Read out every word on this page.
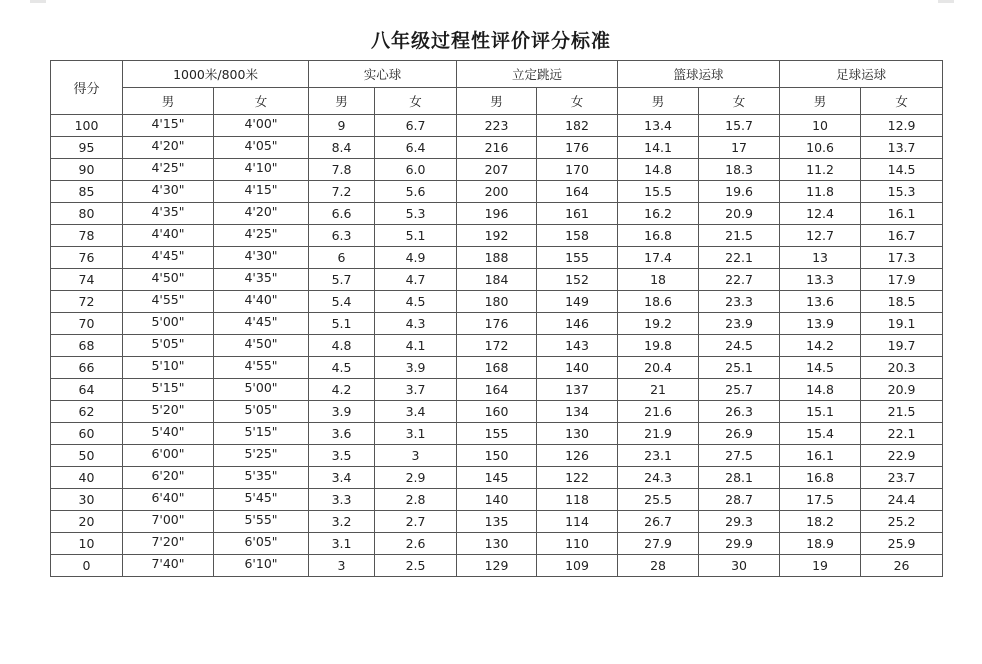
八年级过程性评价评分标准
得分	1000米/800米		实心球		立定跳远		篮球运球		足球运球	
	男	女	男	女	男	女	男	女	男	女
100	4'15"	4'00"	9	6.7	223	182	13.4	15.7	10	12.9
95	4'20"	4'05"	8.4	6.4	216	176	14.1	17	10.6	13.7
90	4'25"	4'10"	7.8	6.0	207	170	14.8	18.3	11.2	14.5
85	4'30"	4'15"	7.2	5.6	200	164	15.5	19.6	11.8	15.3
80	4'35"	4'20"	6.6	5.3	196	161	16.2	20.9	12.4	16.1
78	4'40"	4'25"	6.3	5.1	192	158	16.8	21.5	12.7	16.7
76	4'45"	4'30"	6	4.9	188	155	17.4	22.1	13	17.3
74	4'50"	4'35"	5.7	4.7	184	152	18	22.7	13.3	17.9
72	4'55"	4'40"	5.4	4.5	180	149	18.6	23.3	13.6	18.5
70	5'00"	4'45"	5.1	4.3	176	146	19.2	23.9	13.9	19.1
68	5'05"	4'50"	4.8	4.1	172	143	19.8	24.5	14.2	19.7
66	5'10"	4'55"	4.5	3.9	168	140	20.4	25.1	14.5	20.3
64	5'15"	5'00"	4.2	3.7	164	137	21	25.7	14.8	20.9
62	5'20"	5'05"	3.9	3.4	160	134	21.6	26.3	15.1	21.5
60	5'40"	5'15"	3.6	3.1	155	130	21.9	26.9	15.4	22.1
50	6'00"	5'25"	3.5	3	150	126	23.1	27.5	16.1	22.9
40	6'20"	5'35"	3.4	2.9	145	122	24.3	28.1	16.8	23.7
30	6'40"	5'45"	3.3	2.8	140	118	25.5	28.7	17.5	24.4
20	7'00"	5'55"	3.2	2.7	135	114	26.7	29.3	18.2	25.2
10	7'20"	6'05"	3.1	2.6	130	110	27.9	29.9	18.9	25.9
0	7'40"	6'10"	3	2.5	129	109	28	30	19	26
